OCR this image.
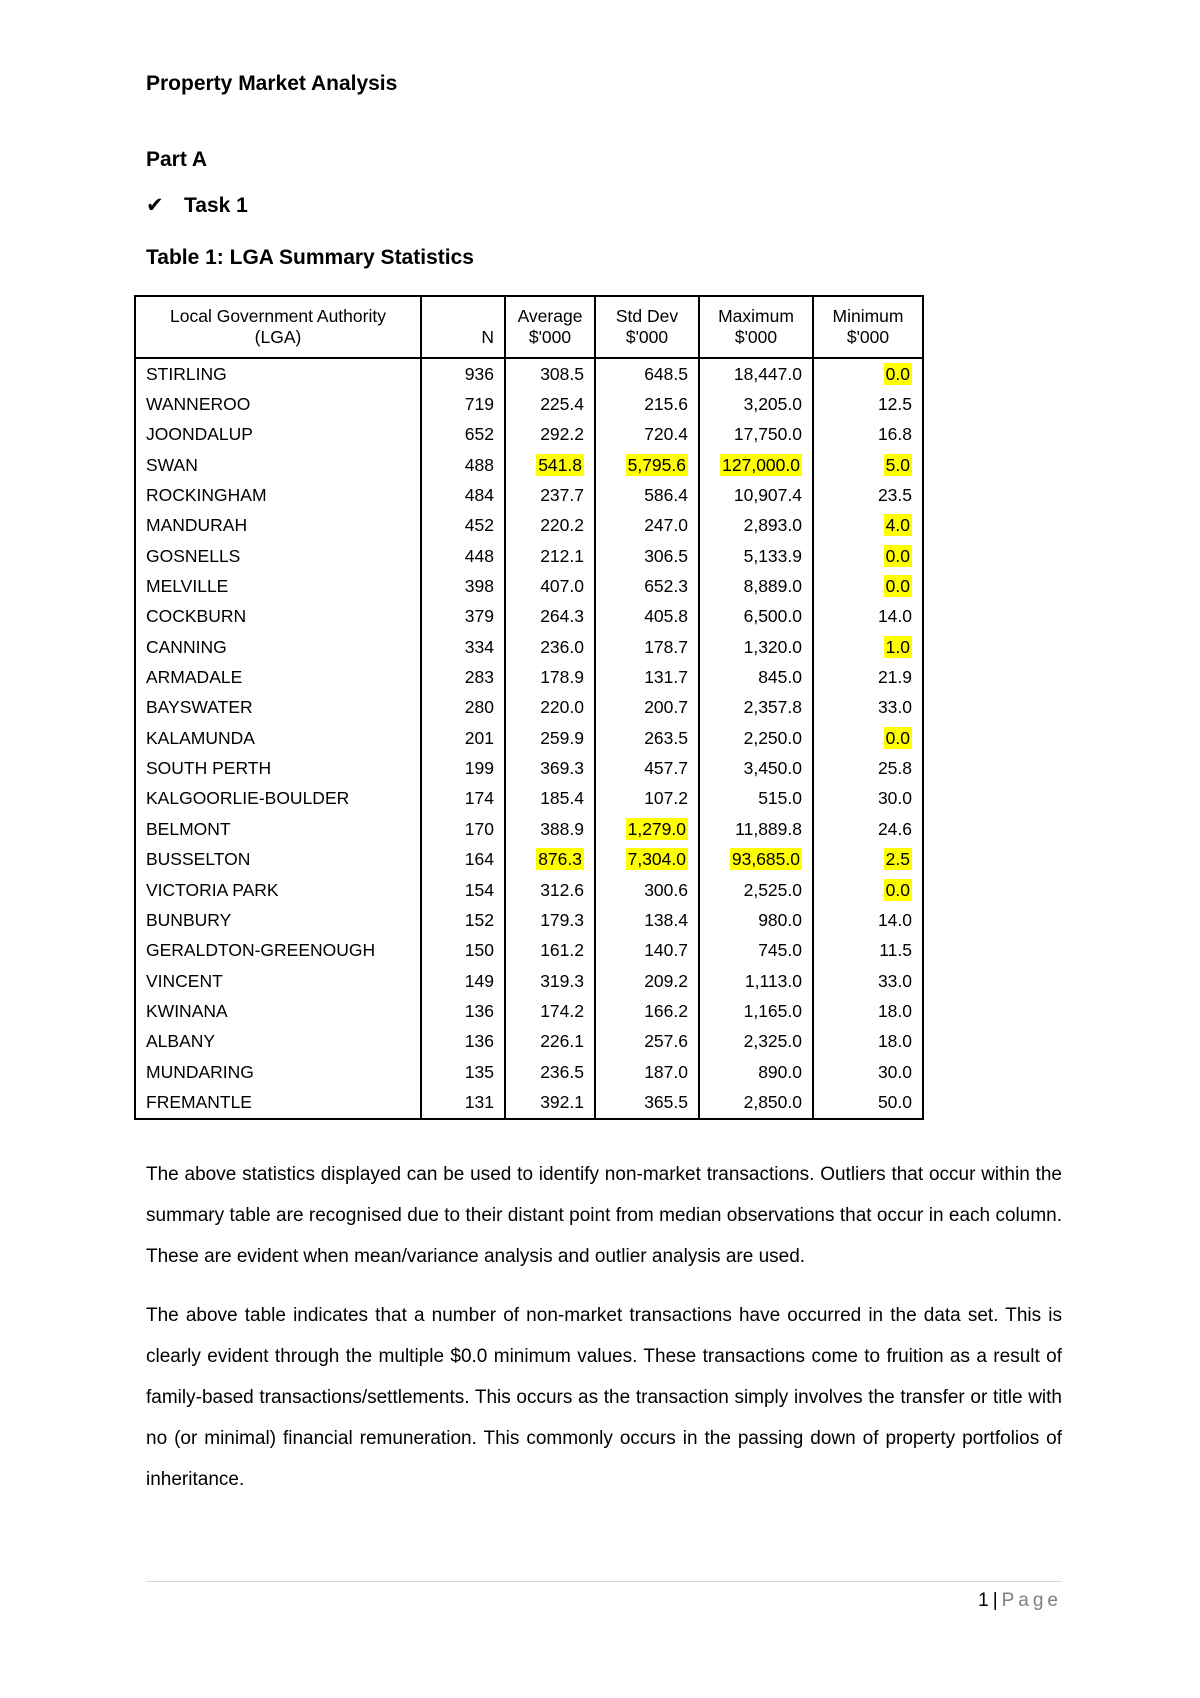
Property Market Analysis
Part A
✔ Task 1
Table 1: LGA Summary Statistics
Local Government Authority		Average	Std Dev	Maximum	Minimum
(LGA)	N	$'000	$'000	$'000	$'000
STIRLING	936	308.5	648.5	18,447.0	0.0
WANNEROO	719	225.4	215.6	3,205.0	12.5
JOONDALUP	652	292.2	720.4	17,750.0	16.8
SWAN	488	541.8	5,795.6	127,000.0	5.0
ROCKINGHAM	484	237.7	586.4	10,907.4	23.5
MANDURAH	452	220.2	247.0	2,893.0	4.0
GOSNELLS	448	212.1	306.5	5,133.9	0.0
MELVILLE	398	407.0	652.3	8,889.0	0.0
COCKBURN	379	264.3	405.8	6,500.0	14.0
CANNING	334	236.0	178.7	1,320.0	1.0
ARMADALE	283	178.9	131.7	845.0	21.9
BAYSWATER	280	220.0	200.7	2,357.8	33.0
KALAMUNDA	201	259.9	263.5	2,250.0	0.0
SOUTH PERTH	199	369.3	457.7	3,450.0	25.8
KALGOORLIE-BOULDER	174	185.4	107.2	515.0	30.0
BELMONT	170	388.9	1,279.0	11,889.8	24.6
BUSSELTON	164	876.3	7,304.0	93,685.0	2.5
VICTORIA PARK	154	312.6	300.6	2,525.0	0.0
BUNBURY	152	179.3	138.4	980.0	14.0
GERALDTON-GREENOUGH	150	161.2	140.7	745.0	11.5
VINCENT	149	319.3	209.2	1,113.0	33.0
KWINANA	136	174.2	166.2	1,165.0	18.0
ALBANY	136	226.1	257.6	2,325.0	18.0
MUNDARING	135	236.5	187.0	890.0	30.0
FREMANTLE	131	392.1	365.5	2,850.0	50.0

The above statistics displayed can be used to identify non-market transactions. Outliers that occur within the summary table are recognised due to their distant point from median observations that occur in each column. These are evident when mean/variance analysis and outlier analysis are used.

The above table indicates that a number of non-market transactions have occurred in the data set. This is clearly evident through the multiple $0.0 minimum values. These transactions come to fruition as a result of family-based transactions/settlements. This occurs as the transaction simply involves the transfer or title with no (or minimal) financial remuneration. This commonly occurs in the passing down of property portfolios of inheritance.

1 | Page
